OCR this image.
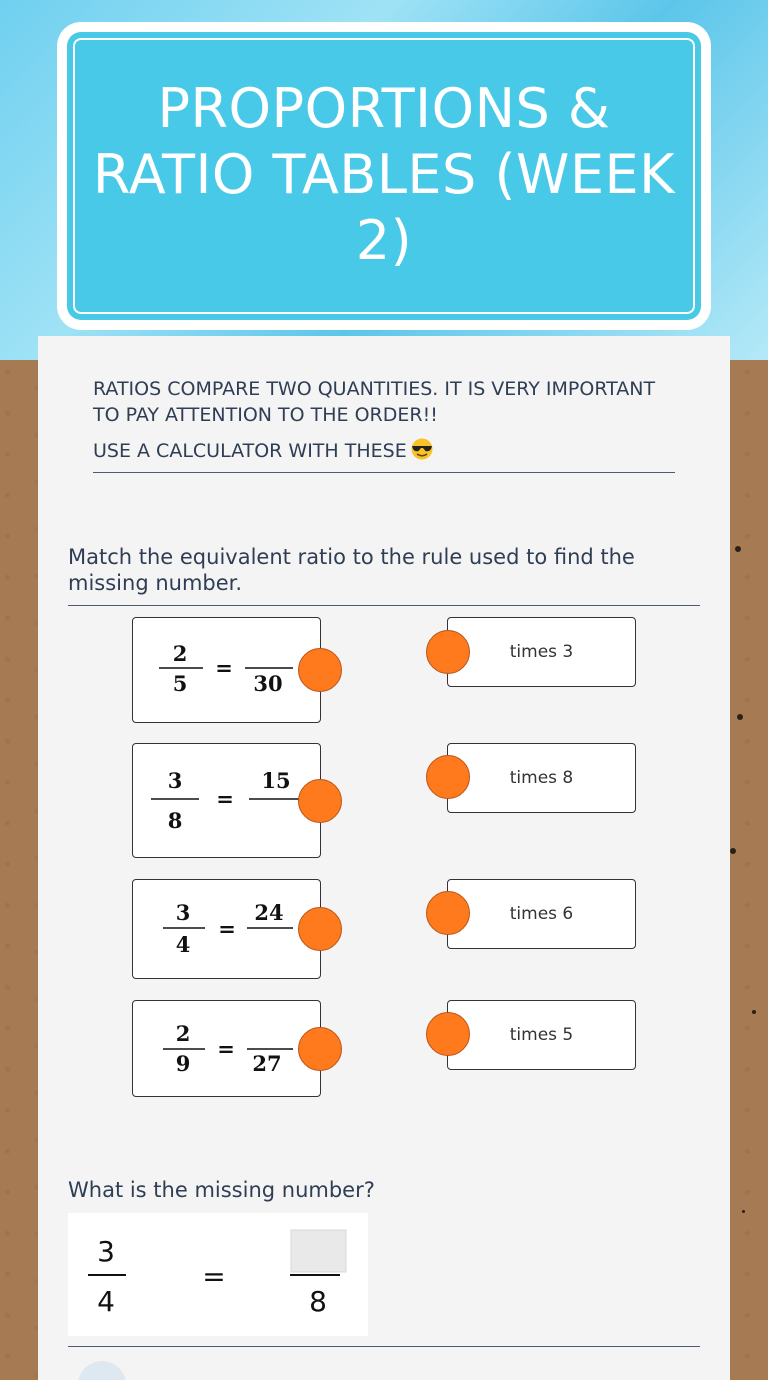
PROPORTIONS & RATIO TABLES (WEEK 2)
RATIOS COMPARE TWO QUANTITIES. IT IS VERY IMPORTANT TO PAY ATTENTION TO THE ORDER!!
USE A CALCULATOR WITH THESE
Match the equivalent ratio to the rule used to find the missing number.
2
5
=
30
3
8
=
15
3
4
=
24
2
9
=
27
times 3
times 8
times 6
times 5
What is the missing number?
3
4
=
8
